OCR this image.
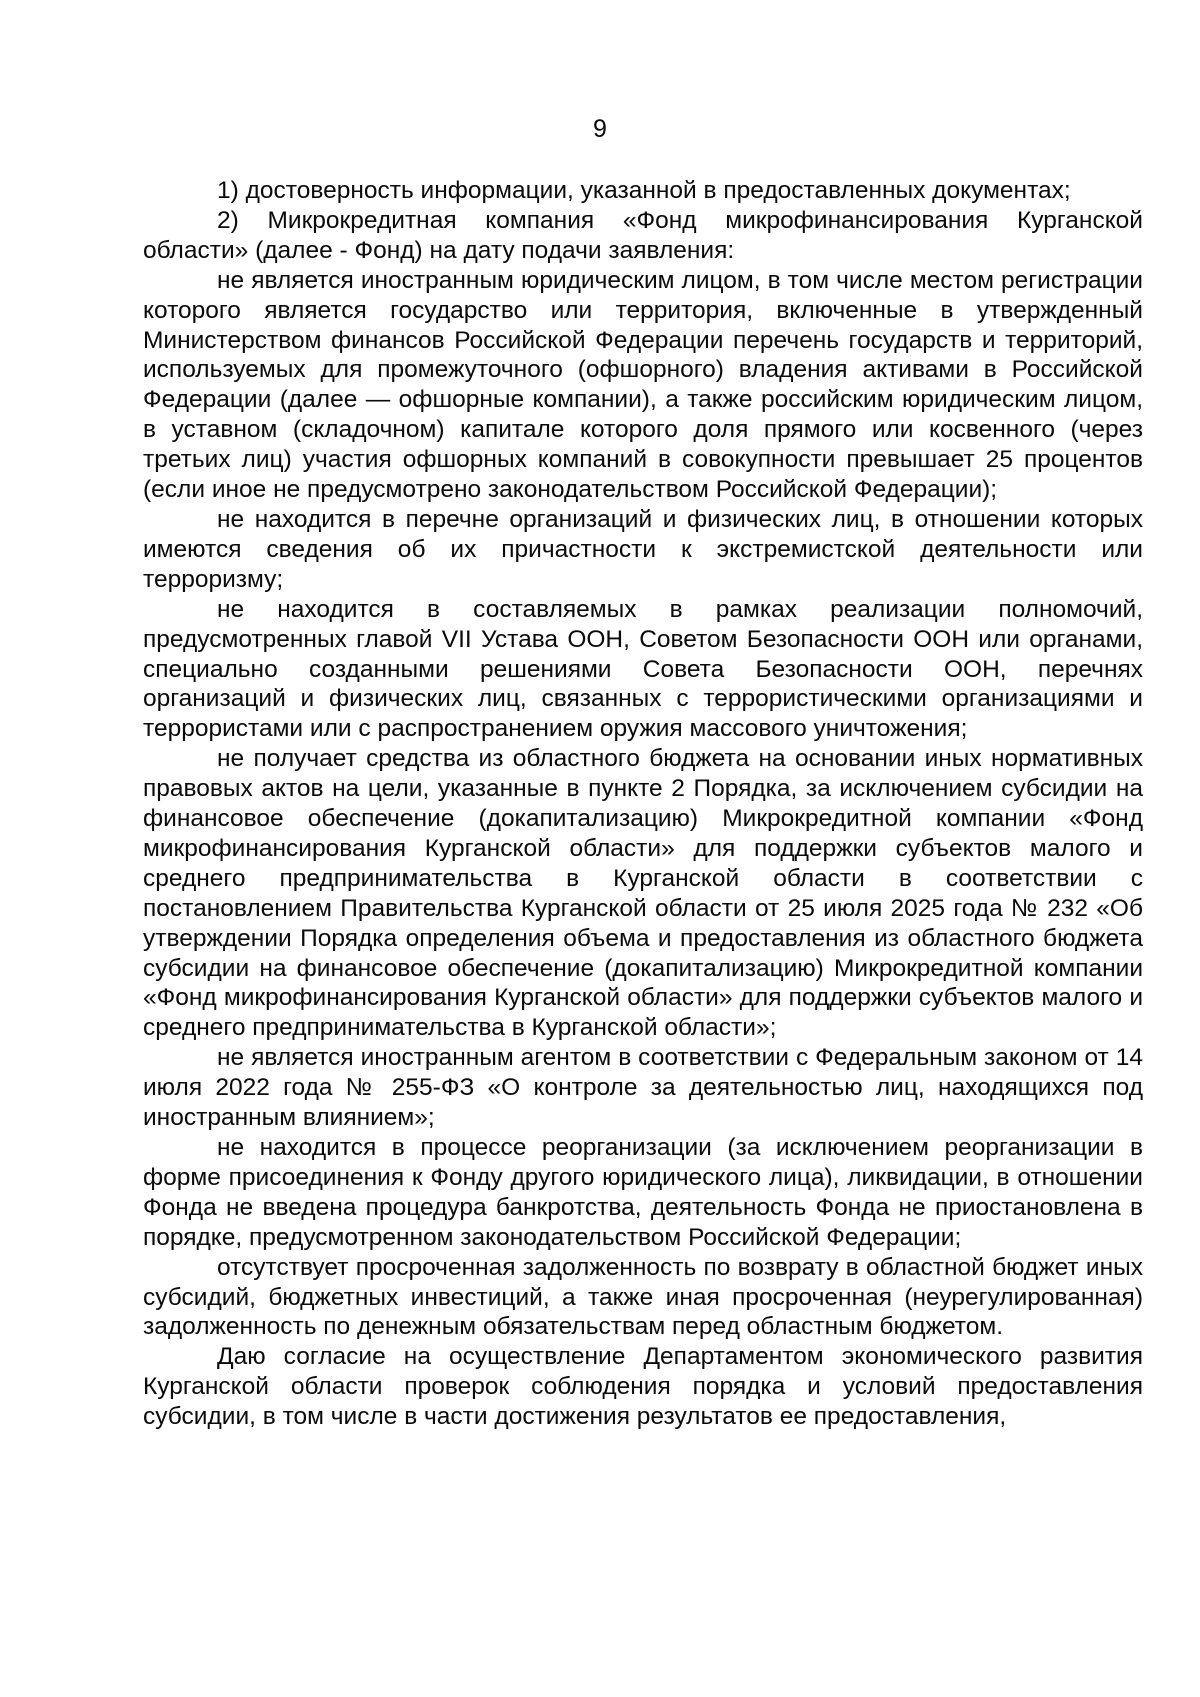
9

1) достоверность информации, указанной в предоставленных документах;

2) Микрокредитная компания «Фонд микрофинансирования Курганской области» (далее - Фонд) на дату подачи заявления:

не является иностранным юридическим лицом, в том числе местом регистрации которого является государство или территория, включенные в утвержденный Министерством финансов Российской Федерации перечень государств и территорий, используемых для промежуточного (офшорного) владения активами в Российской Федерации (далее — офшорные компании), а также российским юридическим лицом, в уставном (складочном) капитале которого доля прямого или косвенного (через третьих лиц) участия офшорных компаний в совокупности превышает 25 процентов (если иное не предусмотрено законодательством Российской Федерации);

не находится в перечне организаций и физических лиц, в отношении которых имеются сведения об их причастности к экстремистской деятельности или терроризму;

не находится в составляемых в рамках реализации полномочий, предусмотренных главой VII Устава ООН, Советом Безопасности ООН или органами, специально созданными решениями Совета Безопасности ООН, перечнях организаций и физических лиц, связанных с террористическими организациями и террористами или с распространением оружия массового уничтожения;

не получает средства из областного бюджета на основании иных нормативных правовых актов на цели, указанные в пункте 2 Порядка, за исключением субсидии на финансовое обеспечение (докапитализацию) Микрокредитной компании «Фонд микрофинансирования Курганской области» для поддержки субъектов малого и среднего предпринимательства в Курганской области в соответствии с постановлением Правительства Курганской области от 25 июля 2025 года № 232 «Об утверждении Порядка определения объема и предоставления из областного бюджета субсидии на финансовое обеспечение (докапитализацию) Микрокредитной компании «Фонд микрофинансирования Курганской области» для поддержки субъектов малого и среднего предпринимательства в Курганской области»;

не является иностранным агентом в соответствии с Федеральным законом от 14 июля 2022 года № 255-ФЗ «О контроле за деятельностью лиц, находящихся под иностранным влиянием»;

не находится в процессе реорганизации (за исключением реорганизации в форме присоединения к Фонду другого юридического лица), ликвидации, в отношении Фонда не введена процедура банкротства, деятельность Фонда не приостановлена в порядке, предусмотренном законодательством Российской Федерации;

отсутствует просроченная задолженность по возврату в областной бюджет иных субсидий, бюджетных инвестиций, а также иная просроченная (неурегулированная) задолженность по денежным обязательствам перед областным бюджетом.

Даю согласие на осуществление Департаментом экономического развития Курганской области проверок соблюдения порядка и условий предоставления субсидии, в том числе в части достижения результатов ее предоставления,
